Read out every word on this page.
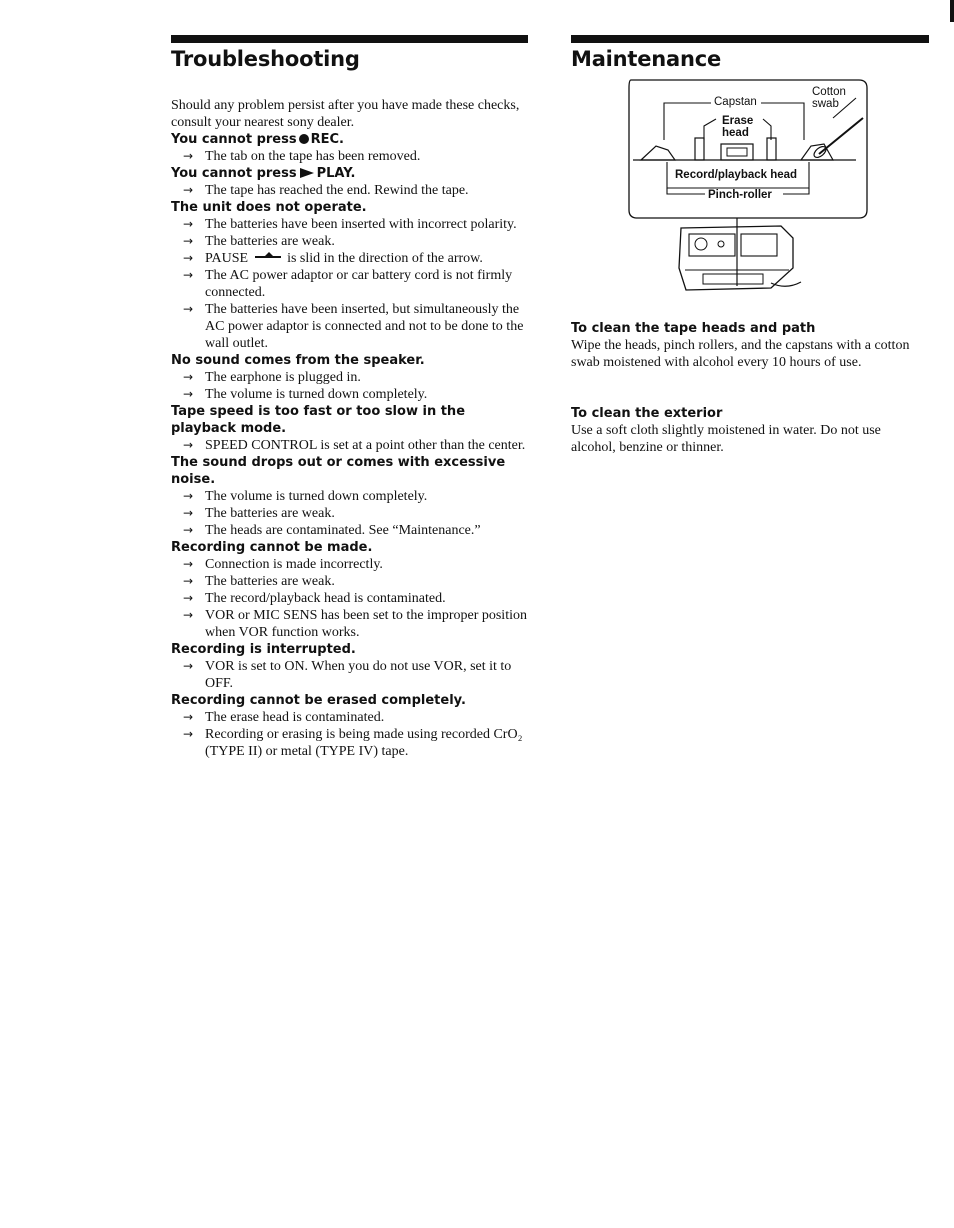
Troubleshooting

Should any problem persist after you have made these checks, consult your nearest sony dealer.

You cannot press REC.

→ The tab on the tape has been removed.

You cannot press PLAY.

→ The tape has reached the end. Rewind the tape.

The unit does not operate.

→ The batteries have been inserted with incorrect polarity.
→ The batteries are weak.
→ PAUSE  is slid in the direction of the arrow.
→ The AC power adaptor or car battery cord is not firmly connected.
→ The batteries have been inserted, but simultaneously the AC power adaptor is connected and not to be done to the wall outlet.

No sound comes from the speaker.

→ The earphone is plugged in.
→ The volume is turned down completely.

Tape speed is too fast or too slow in the playback mode.

→ SPEED CONTROL is set at a point other than the center.

The sound drops out or comes with excessive noise.

→ The volume is turned down completely.
→ The batteries are weak.
→ The heads are contaminated. See “Maintenance.”

Recording cannot be made.

→ Connection is made incorrectly.
→ The batteries are weak.
→ The record/playback head is contaminated.
→ VOR or MIC SENS has been set to the improper position when VOR function works.

Recording is interrupted.

→ VOR is set to ON. When you do not use VOR, set it to OFF.

Recording cannot be erased completely.

→ The erase head is contaminated.
→ Recording or erasing is being made using recorded CrO₂ (TYPE II) or metal (TYPE IV) tape.
Maintenance
Capstan
Erase
head
Cotton
swab
Record/playback head
Pinch-roller
To clean the tape heads and path

Wipe the heads, pinch rollers, and the capstans with a cotton swab moistened with alcohol every 10 hours of use.

To clean the exterior

Use a soft cloth slightly moistened in water. Do not use alcohol, benzine or thinner.
